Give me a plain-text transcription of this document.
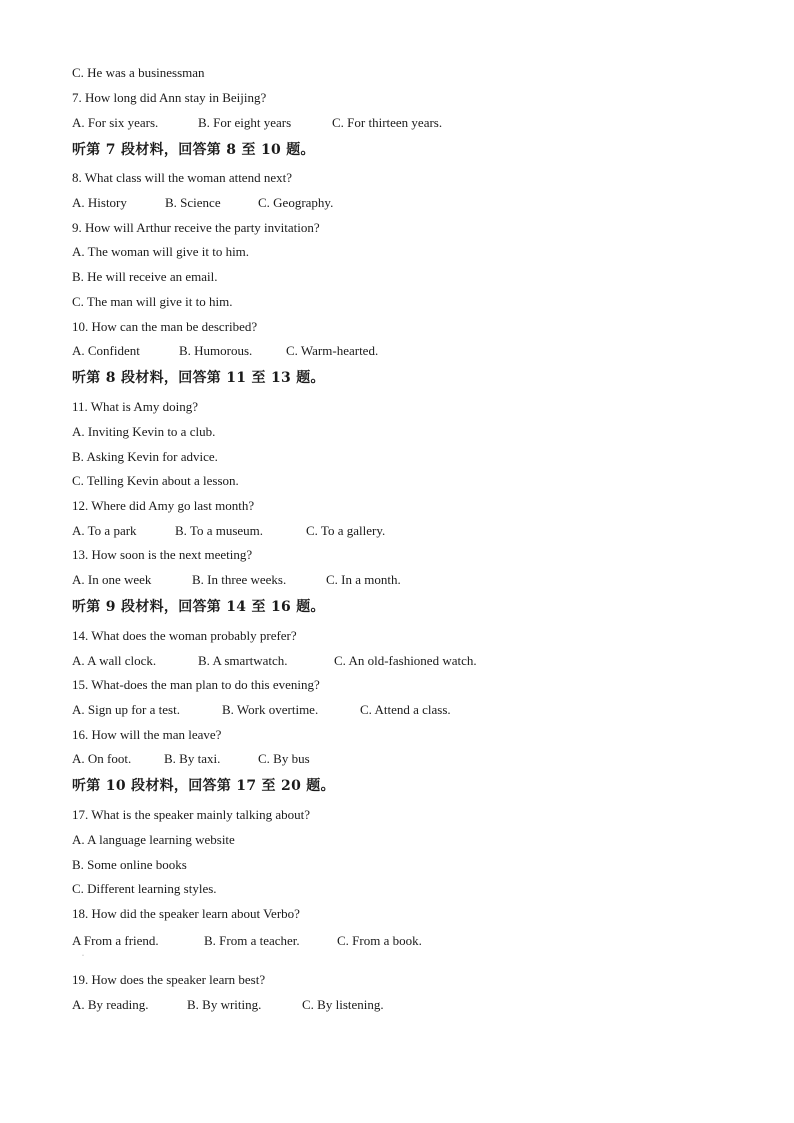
C. He was a businessman
7. How long did Ann stay in Beijing?
A. For six years.	B. For eight years	C. For thirteen years.
听第 7 段材料，回答第 8 至 10 题。
8. What class will the woman attend next?
A. History	B. Science	C. Geography.
9. How will Arthur receive the party invitation?
A. The woman will give it to him.
B. He will receive an email.
C. The man will give it to him.
10. How can the man be described?
A. Confident	B. Humorous.	C. Warm-hearted.
听第 8 段材料，回答第 11 至 13 题。
11. What is Amy doing?
A. Inviting Kevin to a club.
B. Asking Kevin for advice.
C. Telling Kevin about a lesson.
12. Where did Amy go last month?
A. To a park	B. To a museum.	C. To a gallery.
13. How soon is the next meeting?
A. In one week	B. In three weeks.	C. In a month.
听第 9 段材料，回答第 14 至 16 题。
14. What does the woman probably prefer?
A. A wall clock.	B. A smartwatch.	C. An old-fashioned watch.
15. What-does the man plan to do this evening?
A. Sign up for a test.	B. Work overtime.	C. Attend a class.
16. How will the man leave?
A. On foot.	B. By taxi.	C. By bus
听第 10 段材料，回答第 17 至 20 题。
17. What is the speaker mainly talking about?
A. A language learning website
B. Some online books
C. Different learning styles.
18. How did the speaker learn about Verbo?
A From a friend.	B. From a teacher.	C. From a book.
·
19. How does the speaker learn best?
A. By reading.	B. By writing.	C. By listening.
